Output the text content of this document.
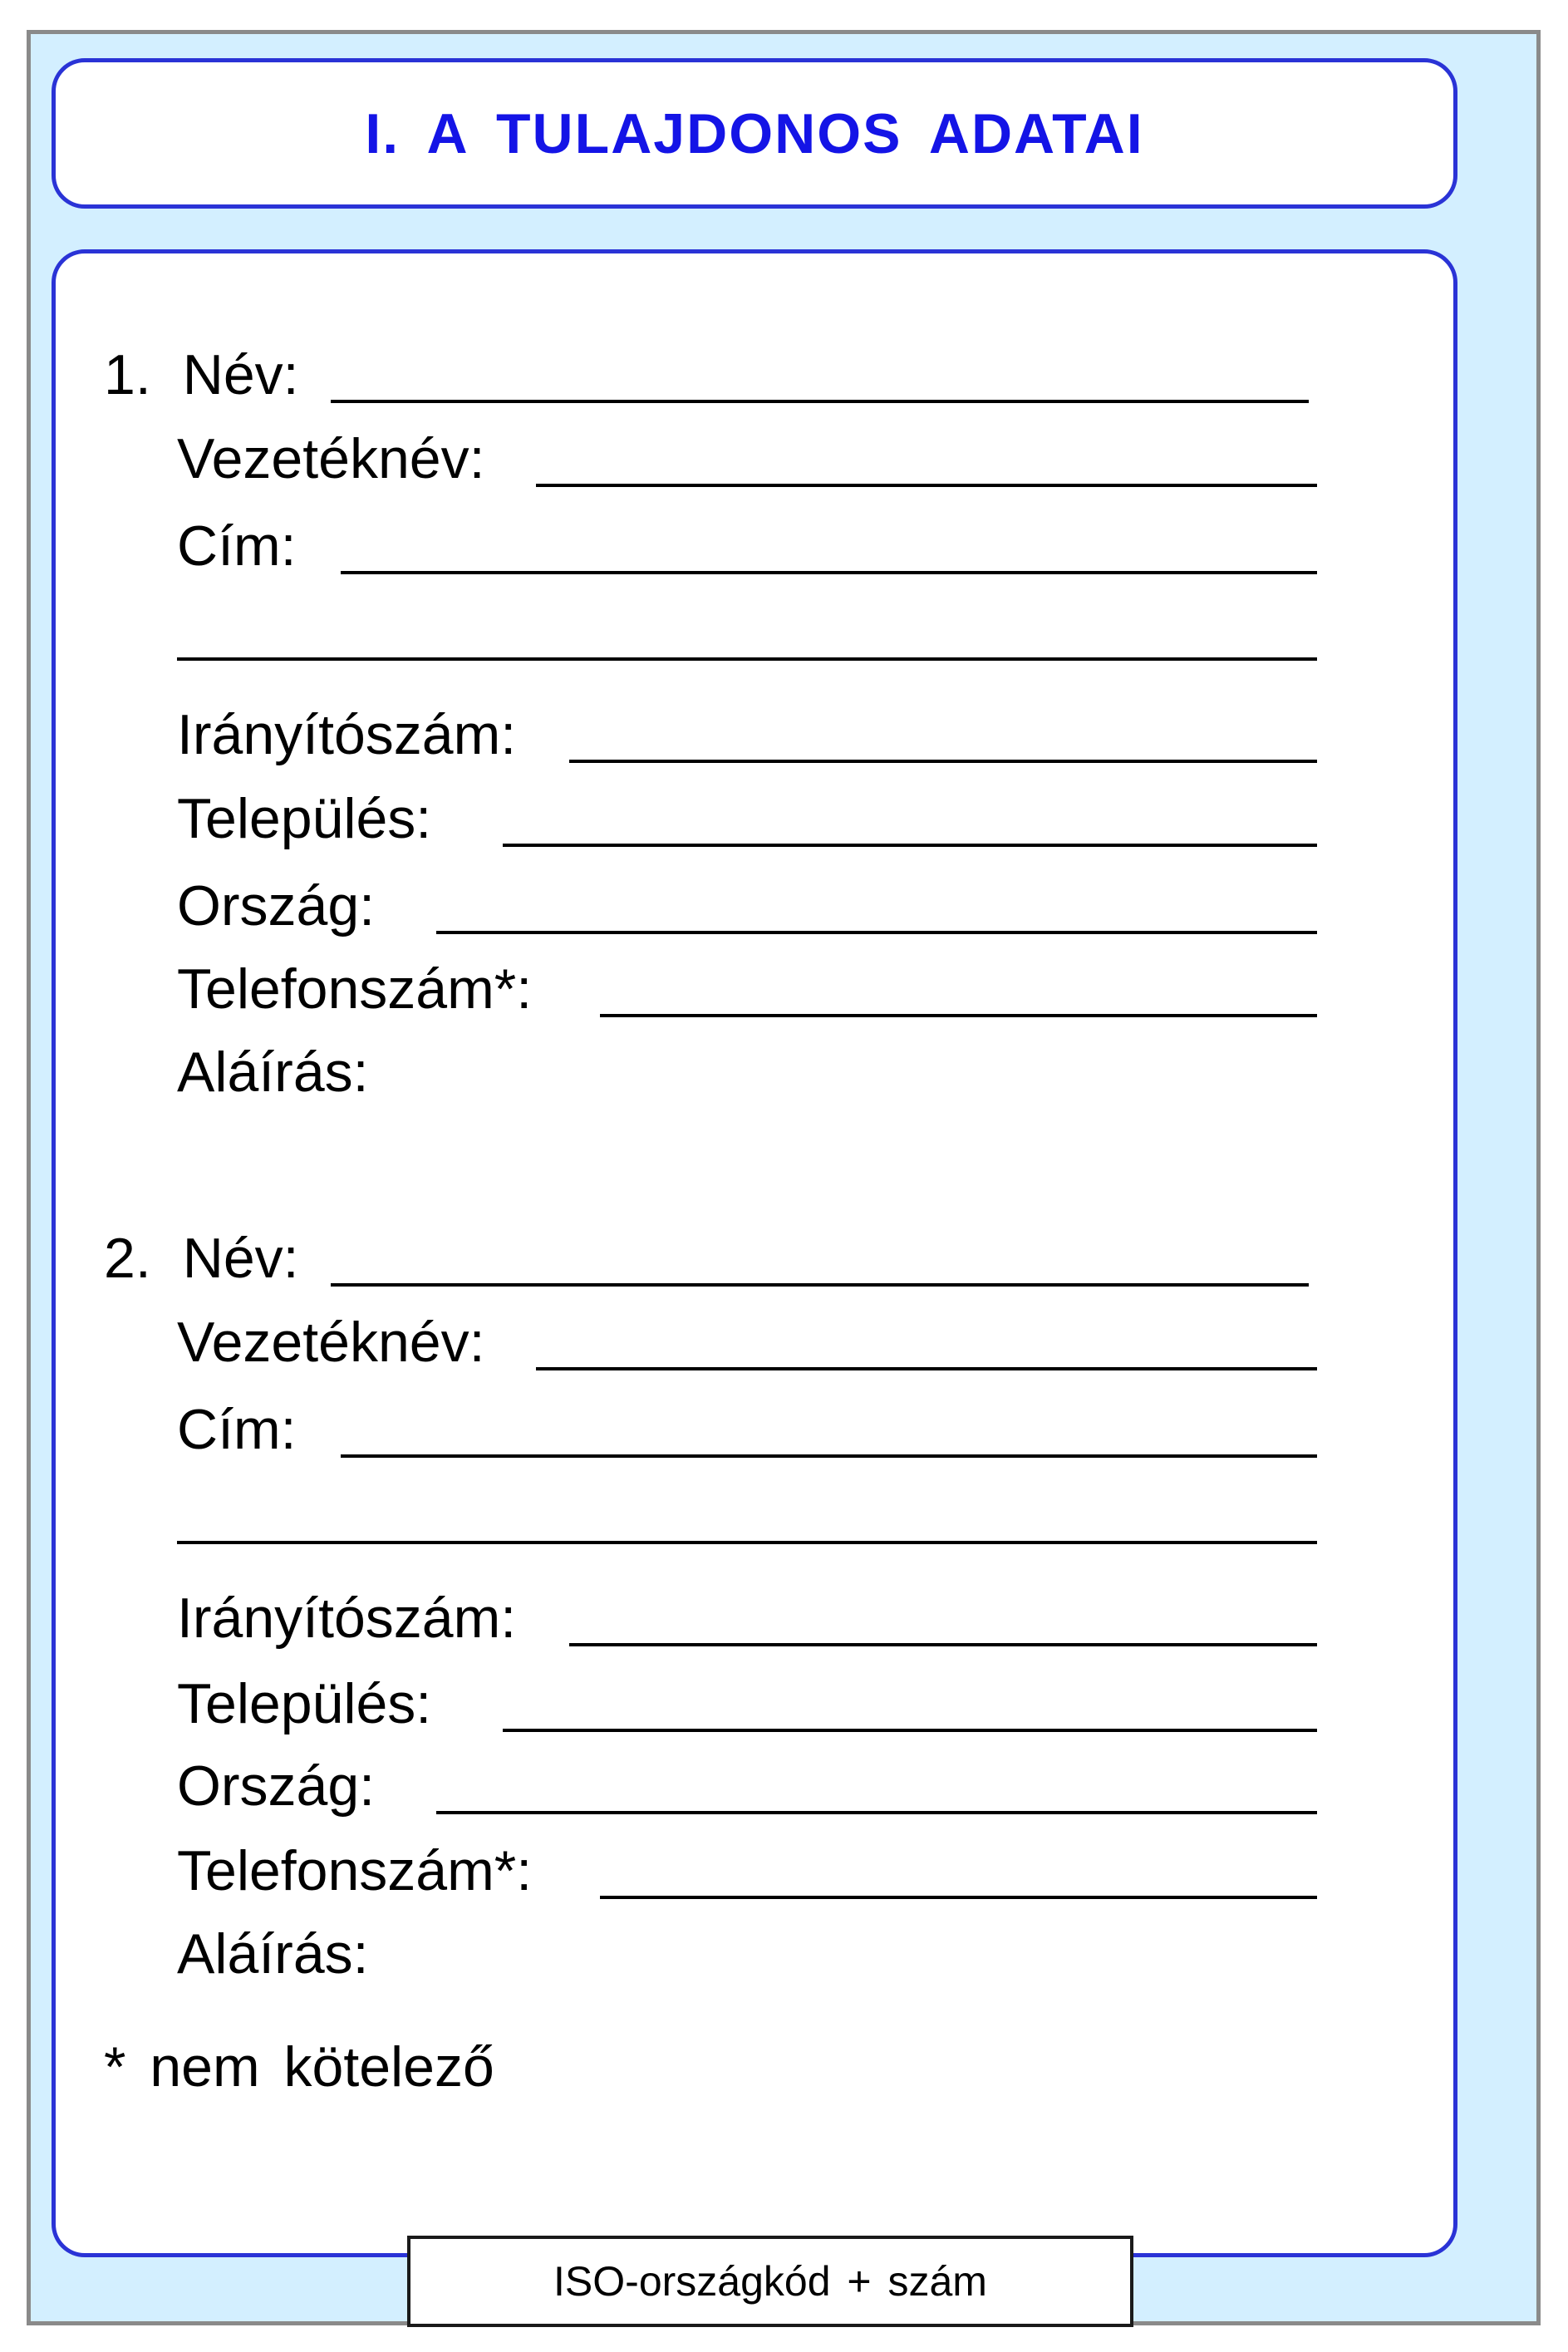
I. A TULAJDONOS ADATAI
1. Név:
Vezetéknév:
Cím:
Irányítószám:
Település:
Ország:
Telefonszám*:
Aláírás:
2. Név:
Vezetéknév:
Cím:
Irányítószám:
Település:
Ország:
Telefonszám*:
Aláírás:
* nem kötelező
ISO-országkód + szám
